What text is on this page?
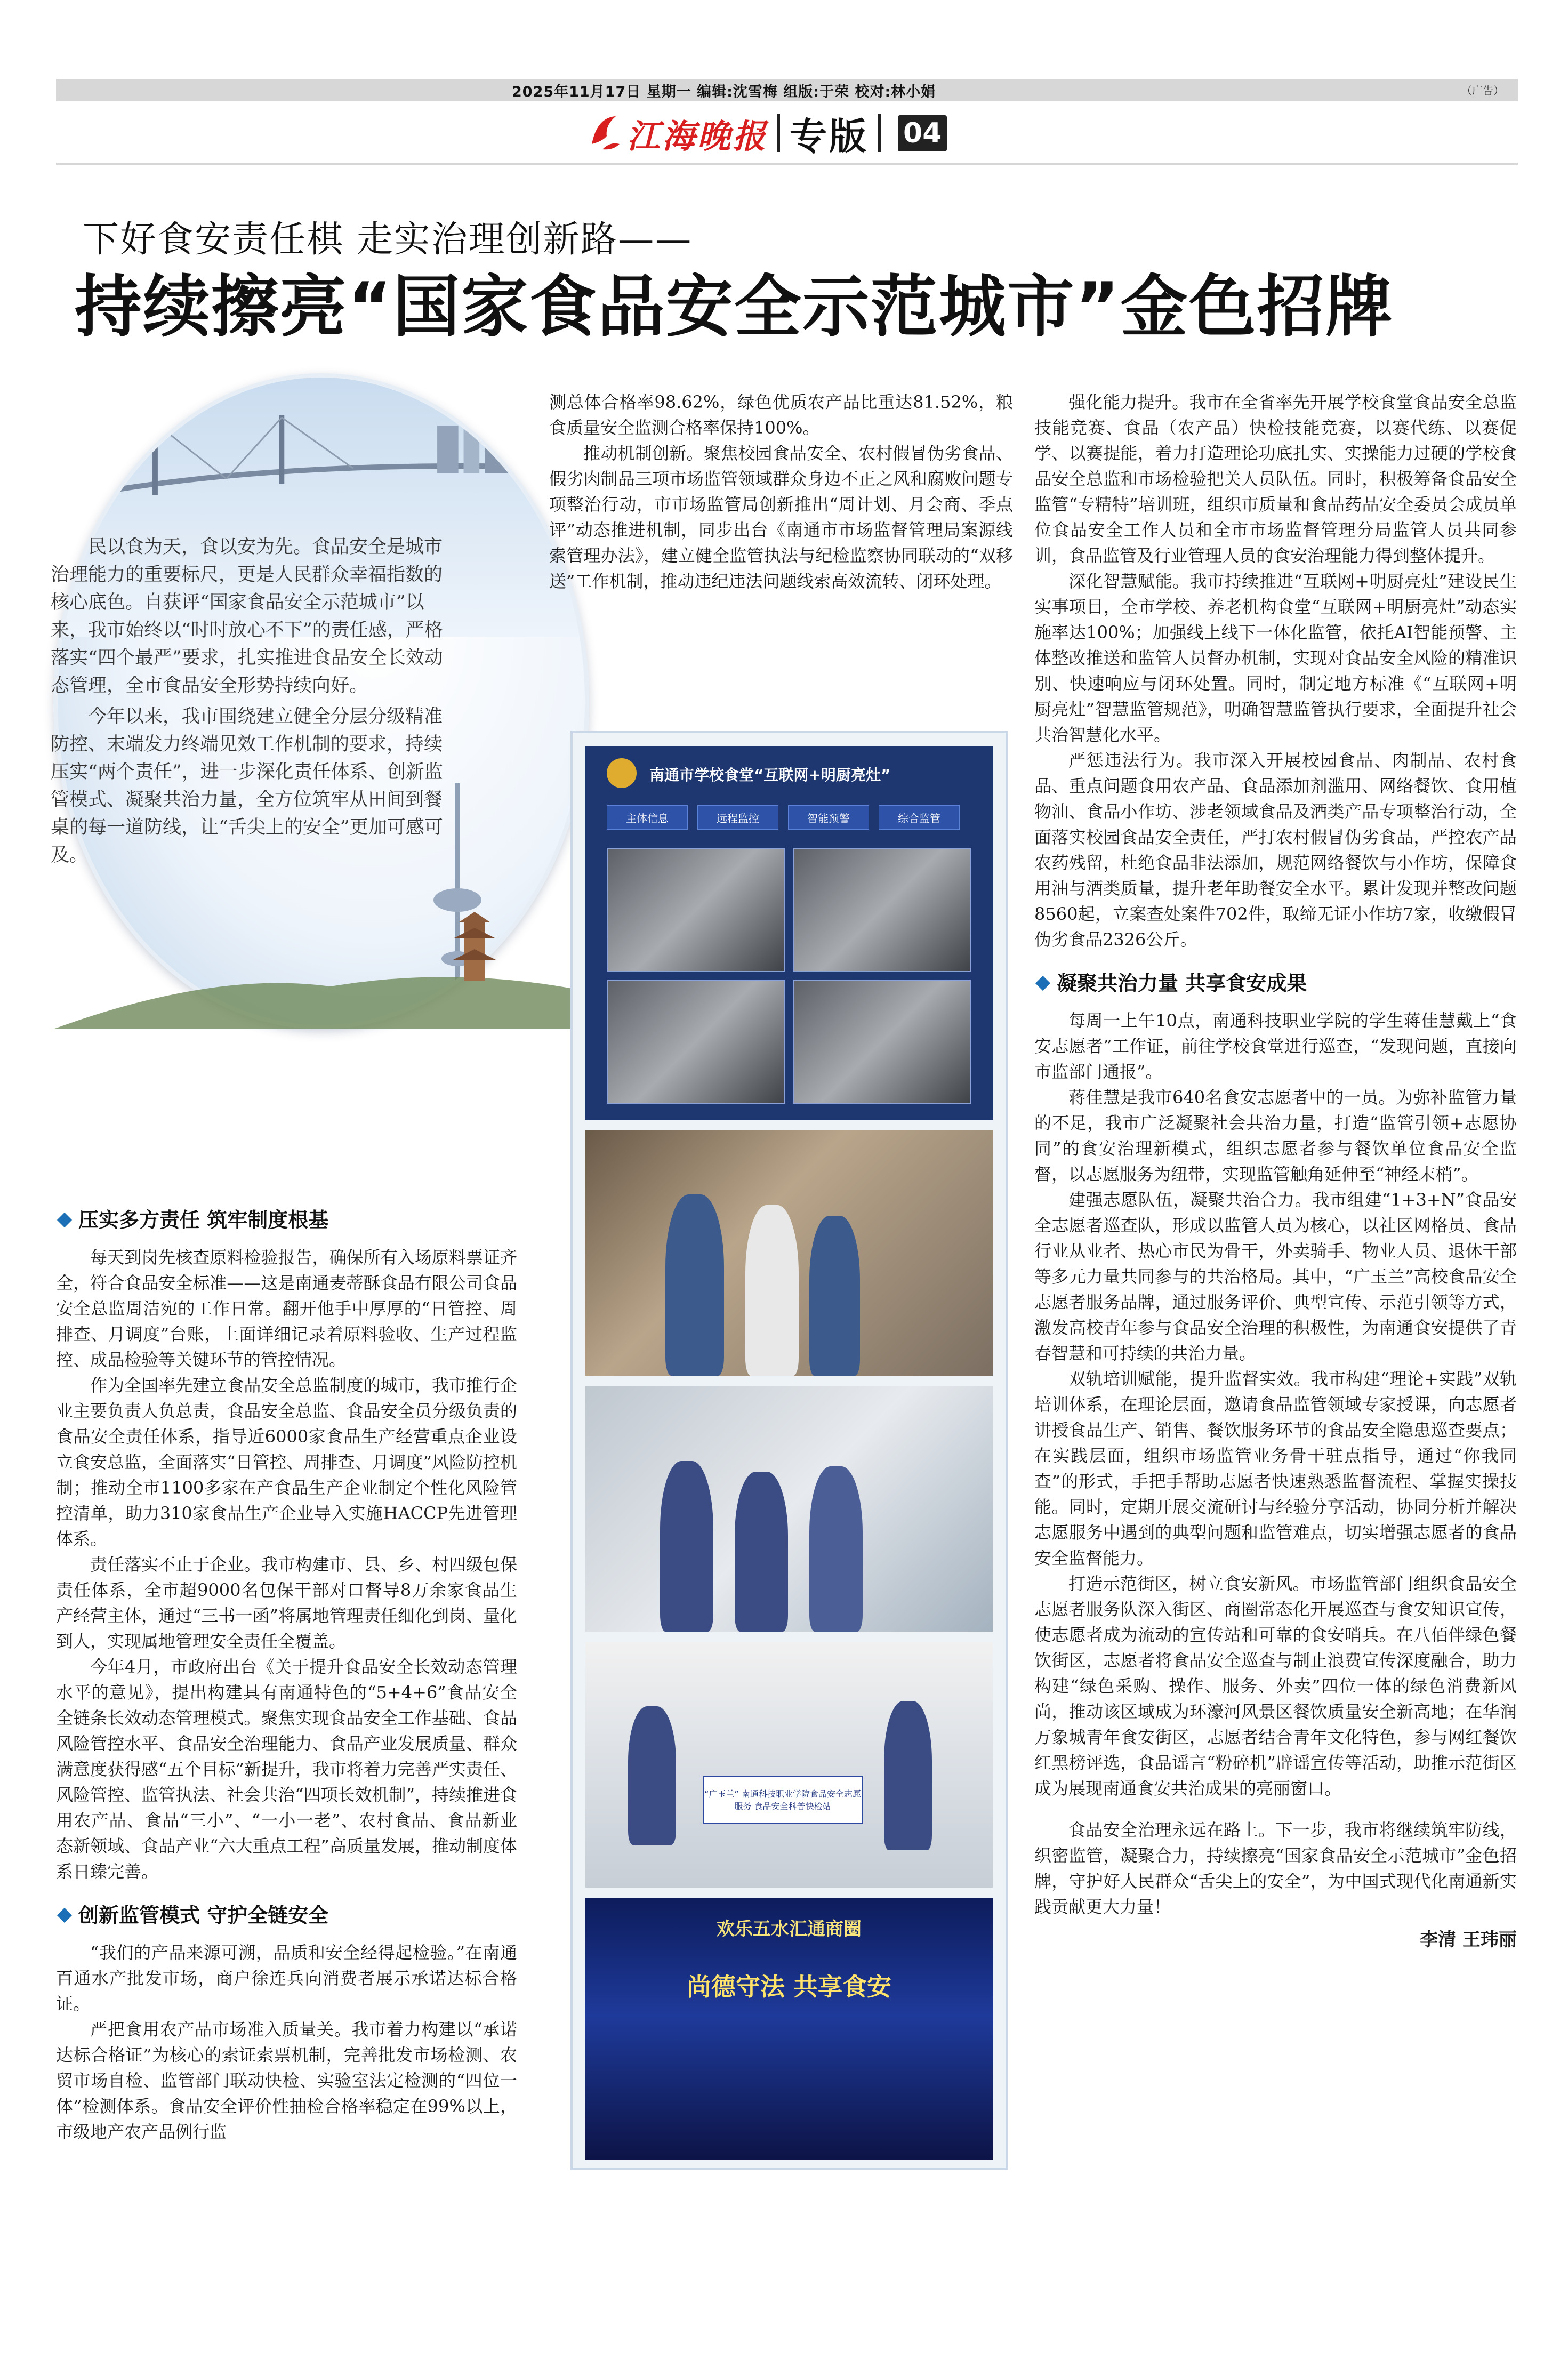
2025年11月17日 星期一 编辑:沈雪梅 组版:于荣 校对:林小娟	（广告）
江海晚报 专版 04
下好食安责任棋 走实治理创新路——
持续擦亮“国家食品安全示范城市”金色招牌

民以食为天，食以安为先。食品安全是城市治理能力的重要标尺，更是人民群众幸福指数的核心底色。自获评“国家食品安全示范城市”以来，我市始终以“时时放心不下”的责任感，严格落实“四个最严”要求，扎实推进食品安全长效动态管理，全市食品安全形势持续向好。

今年以来，我市围绕建立健全分层分级精准防控、末端发力终端见效工作机制的要求，持续压实“两个责任”，进一步深化责任体系、创新监管模式、凝聚共治力量，全方位筑牢从田间到餐桌的每一道防线，让“舌尖上的安全”更加可感可及。

压实多方责任 筑牢制度根基

每天到岗先核查原料检验报告，确保所有入场原料票证齐全，符合食品安全标准——这是南通麦蒂酥食品有限公司食品安全总监周洁宛的工作日常。翻开他手中厚厚的“日管控、周排查、月调度”台账，上面详细记录着原料验收、生产过程监控、成品检验等关键环节的管控情况。

作为全国率先建立食品安全总监制度的城市，我市推行企业主要负责人负总责，食品安全总监、食品安全员分级负责的食品安全责任体系，指导近6000家食品生产经营重点企业设立食安总监，全面落实“日管控、周排查、月调度”风险防控机制；推动全市1100多家在产食品生产企业制定个性化风险管控清单，助力310家食品生产企业导入实施HACCP先进管理体系。

责任落实不止于企业。我市构建市、县、乡、村四级包保责任体系，全市超9000名包保干部对口督导8万余家食品生产经营主体，通过“三书一函”将属地管理责任细化到岗、量化到人，实现属地管理安全责任全覆盖。

今年4月，市政府出台《关于提升食品安全长效动态管理水平的意见》，提出构建具有南通特色的“5+4+6”食品安全全链条长效动态管理模式。聚焦实现食品安全工作基础、食品风险管控水平、食品安全治理能力、食品产业发展质量、群众满意度获得感“五个目标”新提升，我市将着力完善严实责任、风险管控、监管执法、社会共治“四项长效机制”，持续推进食用农产品、食品“三小”、“一小一老”、农村食品、食品新业态新领域、食品产业“六大重点工程”高质量发展，推动制度体系日臻完善。

创新监管模式 守护全链安全

“我们的产品来源可溯，品质和安全经得起检验。”在南通百通水产批发市场，商户徐连兵向消费者展示承诺达标合格证。

严把食用农产品市场准入质量关。我市着力构建以“承诺达标合格证”为核心的索证索票机制，完善批发市场检测、农贸市场自检、监管部门联动快检、实验室法定检测的“四位一体”检测体系。食品安全评价性抽检合格率稳定在99%以上，市级地产农产品例行监

测总体合格率98.62%，绿色优质农产品比重达81.52%，粮食质量安全监测合格率保持100%。

推动机制创新。聚焦校园食品安全、农村假冒伪劣食品、假劣肉制品三项市场监管领域群众身边不正之风和腐败问题专项整治行动，市市场监管局创新推出“周计划、月会商、季点评”动态推进机制，同步出台《南通市市场监督管理局案源线索管理办法》，建立健全监管执法与纪检监察协同联动的“双移送”工作机制，推动违纪违法问题线索高效流转、闭环处理。

南通市学校食堂“互联网+明厨亮灶”
主体信息	远程监控	智能预警	综合监管
“广玉兰” 南通科技职业学院食品安全志愿服务 食品安全科普快检站
欢乐五水汇通商圈
尚德守法 共享食安

强化能力提升。我市在全省率先开展学校食堂食品安全总监技能竞赛、食品（农产品）快检技能竞赛，以赛代练、以赛促学、以赛提能，着力打造理论功底扎实、实操能力过硬的学校食品安全总监和市场检验把关人员队伍。同时，积极筹备食品安全监管“专精特”培训班，组织市质量和食品药品安全委员会成员单位食品安全工作人员和全市市场监督管理分局监管人员共同参训，食品监管及行业管理人员的食安治理能力得到整体提升。

深化智慧赋能。我市持续推进“互联网+明厨亮灶”建设民生实事项目，全市学校、养老机构食堂“互联网+明厨亮灶”动态实施率达100%；加强线上线下一体化监管，依托AI智能预警、主体整改推送和监管人员督办机制，实现对食品安全风险的精准识别、快速响应与闭环处置。同时，制定地方标准《“互联网+明厨亮灶”智慧监管规范》，明确智慧监管执行要求，全面提升社会共治智慧化水平。

严惩违法行为。我市深入开展校园食品、肉制品、农村食品、重点问题食用农产品、食品添加剂滥用、网络餐饮、食用植物油、食品小作坊、涉老领域食品及酒类产品专项整治行动，全面落实校园食品安全责任，严打农村假冒伪劣食品，严控农产品农药残留，杜绝食品非法添加，规范网络餐饮与小作坊，保障食用油与酒类质量，提升老年助餐安全水平。累计发现并整改问题8560起，立案查处案件702件，取缔无证小作坊7家，收缴假冒伪劣食品2326公斤。

凝聚共治力量 共享食安成果

每周一上午10点，南通科技职业学院的学生蒋佳慧戴上“食安志愿者”工作证，前往学校食堂进行巡查，“发现问题，直接向市监部门通报”。

蒋佳慧是我市640名食安志愿者中的一员。为弥补监管力量的不足，我市广泛凝聚社会共治力量，打造“监管引领+志愿协同”的食安治理新模式，组织志愿者参与餐饮单位食品安全监督，以志愿服务为纽带，实现监管触角延伸至“神经末梢”。

建强志愿队伍，凝聚共治合力。我市组建“1+3+N”食品安全志愿者巡查队，形成以监管人员为核心，以社区网格员、食品行业从业者、热心市民为骨干，外卖骑手、物业人员、退休干部等多元力量共同参与的共治格局。其中，“广玉兰”高校食品安全志愿者服务品牌，通过服务评价、典型宣传、示范引领等方式，激发高校青年参与食品安全治理的积极性，为南通食安提供了青春智慧和可持续的共治力量。

双轨培训赋能，提升监督实效。我市构建“理论+实践”双轨培训体系，在理论层面，邀请食品监管领域专家授课，向志愿者讲授食品生产、销售、餐饮服务环节的食品安全隐患巡查要点；在实践层面，组织市场监管业务骨干驻点指导，通过“你我同查”的形式，手把手帮助志愿者快速熟悉监督流程、掌握实操技能。同时，定期开展交流研讨与经验分享活动，协同分析并解决志愿服务中遇到的典型问题和监管难点，切实增强志愿者的食品安全监督能力。

打造示范街区，树立食安新风。市场监管部门组织食品安全志愿者服务队深入街区、商圈常态化开展巡查与食安知识宣传，使志愿者成为流动的宣传站和可靠的食安哨兵。在八佰伴绿色餐饮街区，志愿者将食品安全巡查与制止浪费宣传深度融合，助力构建“绿色采购、操作、服务、外卖”四位一体的绿色消费新风尚，推动该区域成为环濠河风景区餐饮质量安全新高地；在华润万象城青年食安街区，志愿者结合青年文化特色，参与网红餐饮红黑榜评选，食品谣言“粉碎机”辟谣宣传等活动，助推示范街区成为展现南通食安共治成果的亮丽窗口。

食品安全治理永远在路上。下一步，我市将继续筑牢防线，织密监管，凝聚合力，持续擦亮“国家食品安全示范城市”金色招牌，守护好人民群众“舌尖上的安全”，为中国式现代化南通新实践贡献更大力量！

李清 王玮丽
